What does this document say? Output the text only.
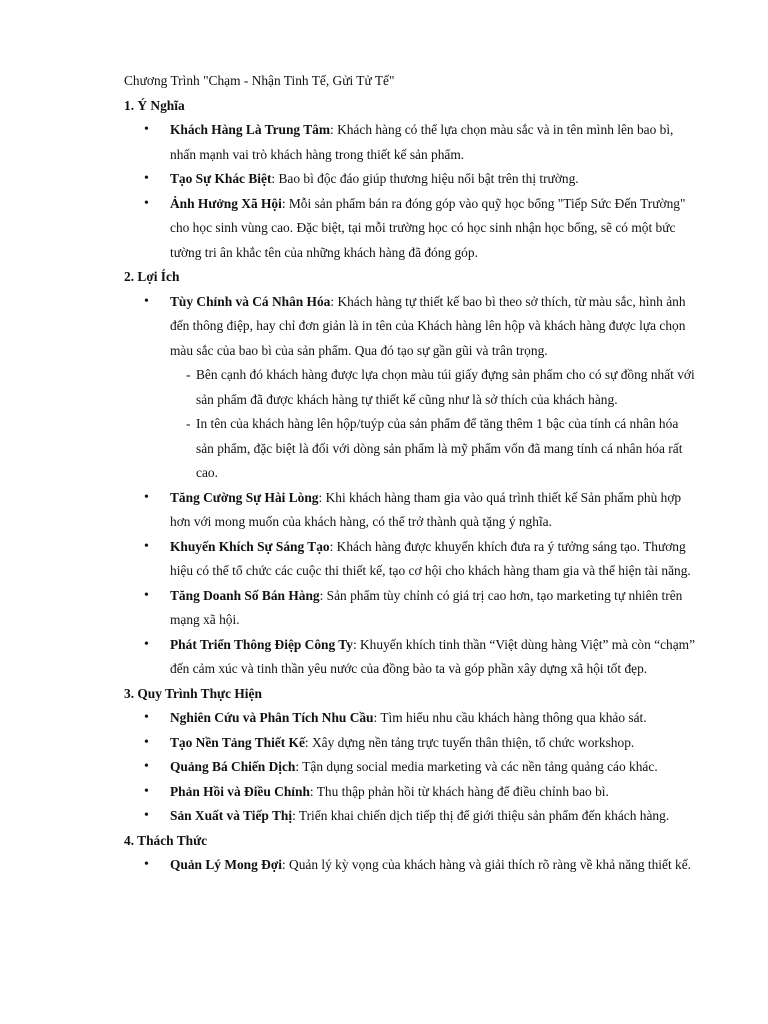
Chương Trình "Chạm - Nhận Tinh Tế, Gửi Tử Tế"

1. Ý Nghĩa
• Khách Hàng Là Trung Tâm: Khách hàng có thể lựa chọn màu sắc và in tên mình lên bao bì, nhấn mạnh vai trò khách hàng trong thiết kế sản phẩm.
• Tạo Sự Khác Biệt: Bao bì độc đáo giúp thương hiệu nổi bật trên thị trường.
• Ảnh Hưởng Xã Hội: Mỗi sản phẩm bán ra đóng góp vào quỹ học bổng "Tiếp Sức Đến Trường" cho học sinh vùng cao. Đặc biệt, tại mỗi trường học có học sinh nhận học bổng, sẽ có một bức tường tri ân khắc tên của những khách hàng đã đóng góp.
2. Lợi Ích
• Tùy Chỉnh và Cá Nhân Hóa: Khách hàng tự thiết kế bao bì theo sở thích, từ màu sắc, hình ảnh đến thông điệp, hay chỉ đơn giản là in tên của Khách hàng lên hộp và khách hàng được lựa chọn màu sắc của bao bì của sản phẩm. Qua đó tạo sự gần gũi và trân trọng.
- Bên cạnh đó khách hàng được lựa chọn màu túi giấy đựng sản phẩm cho có sự đồng nhất với sản phẩm đã được khách hàng tự thiết kế cũng như là sở thích của khách hàng.
- In tên của khách hàng lên hộp/tuýp của sản phẩm để tăng thêm 1 bậc của tính cá nhân hóa sản phẩm, đặc biệt là đối với dòng sản phẩm là mỹ phẩm vốn đã mang tính cá nhân hóa rất cao.
• Tăng Cường Sự Hài Lòng: Khi khách hàng tham gia vào quá trình thiết kế Sản phẩm phù hợp hơn với mong muốn của khách hàng, có thể trở thành quà tặng ý nghĩa.
• Khuyến Khích Sự Sáng Tạo: Khách hàng được khuyến khích đưa ra ý tưởng sáng tạo. Thương hiệu có thể tổ chức các cuộc thi thiết kế, tạo cơ hội cho khách hàng tham gia và thể hiện tài năng.
• Tăng Doanh Số Bán Hàng: Sản phẩm tùy chỉnh có giá trị cao hơn, tạo marketing tự nhiên trên mạng xã hội.
• Phát Triển Thông Điệp Công Ty: Khuyến khích tinh thần “Việt dùng hàng Việt” mà còn “chạm” đến cảm xúc và tinh thần yêu nước của đồng bào ta và góp phần xây dựng xã hội tốt đẹp.
3. Quy Trình Thực Hiện
• Nghiên Cứu và Phân Tích Nhu Cầu: Tìm hiểu nhu cầu khách hàng thông qua khảo sát.
• Tạo Nền Tảng Thiết Kế: Xây dựng nền tảng trực tuyến thân thiện, tổ chức workshop.
• Quảng Bá Chiến Dịch: Tận dụng social media marketing và các nền tảng quảng cáo khác.
• Phản Hồi và Điều Chỉnh: Thu thập phản hồi từ khách hàng để điều chỉnh bao bì.
• Sản Xuất và Tiếp Thị: Triển khai chiến dịch tiếp thị để giới thiệu sản phẩm đến khách hàng.
4. Thách Thức
• Quản Lý Mong Đợi: Quản lý kỳ vọng của khách hàng và giải thích rõ ràng về khả năng thiết kế.
